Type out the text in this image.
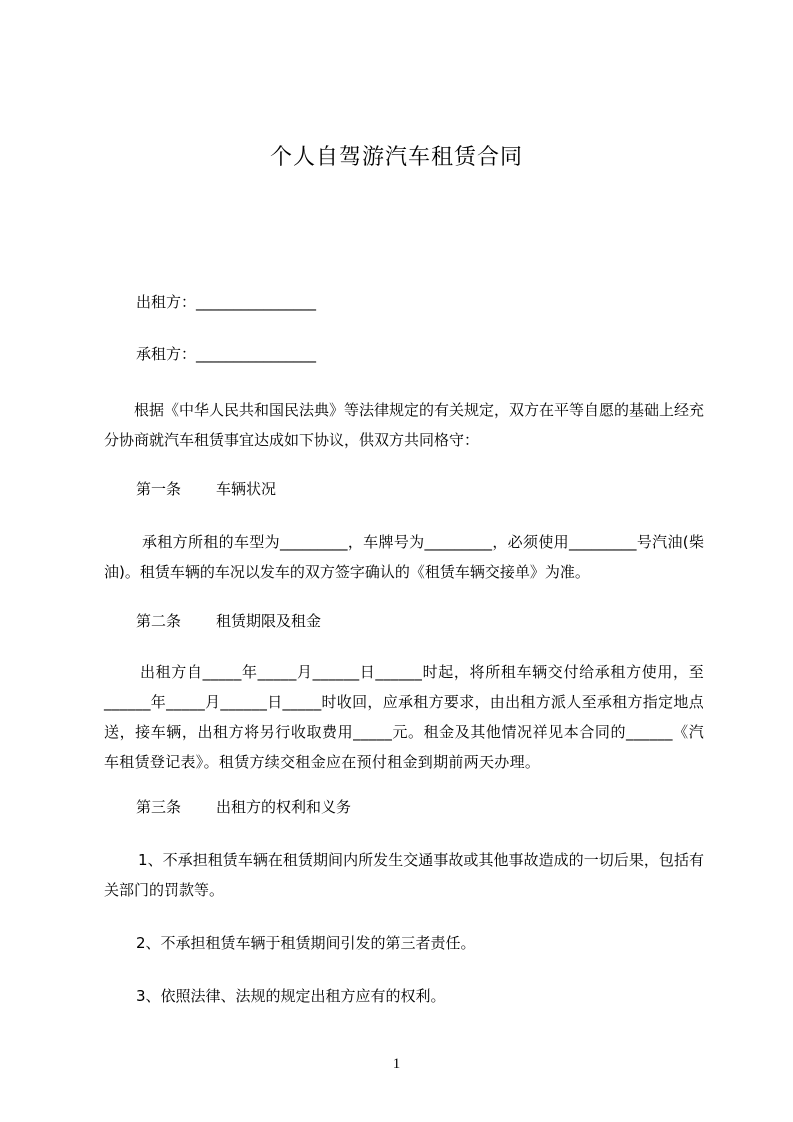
个人自驾游汽车租赁合同
出租方：________________
承租方：________________
根据《中华人民共和国民法典》等法律规定的有关规定，双方在平等自愿的基础上经充分协商就汽车租赁事宜达成如下协议，供双方共同格守：
第一条 车辆状况
承租方所租的车型为_________，车牌号为_________，必须使用_________号汽油(柴油)。租赁车辆的车况以发车的双方签字确认的《租赁车辆交接单》为准。
第二条 租赁期限及租金
出租方自_____年_____月______日______时起，将所租车辆交付给承租方使用，至______年_____月______日_____时收回，应承租方要求，由出租方派人至承租方指定地点送，接车辆，出租方将另行收取费用_____元。租金及其他情况祥见本合同的______《汽车租赁登记表》。租赁方续交租金应在预付租金到期前两天办理。
第三条 出租方的权利和义务
1、不承担租赁车辆在租赁期间内所发生交通事故或其他事故造成的一切后果，包括有关部门的罚款等。
2、不承担租赁车辆于租赁期间引发的第三者责任。
3、依照法律、法规的规定出租方应有的权利。
1
